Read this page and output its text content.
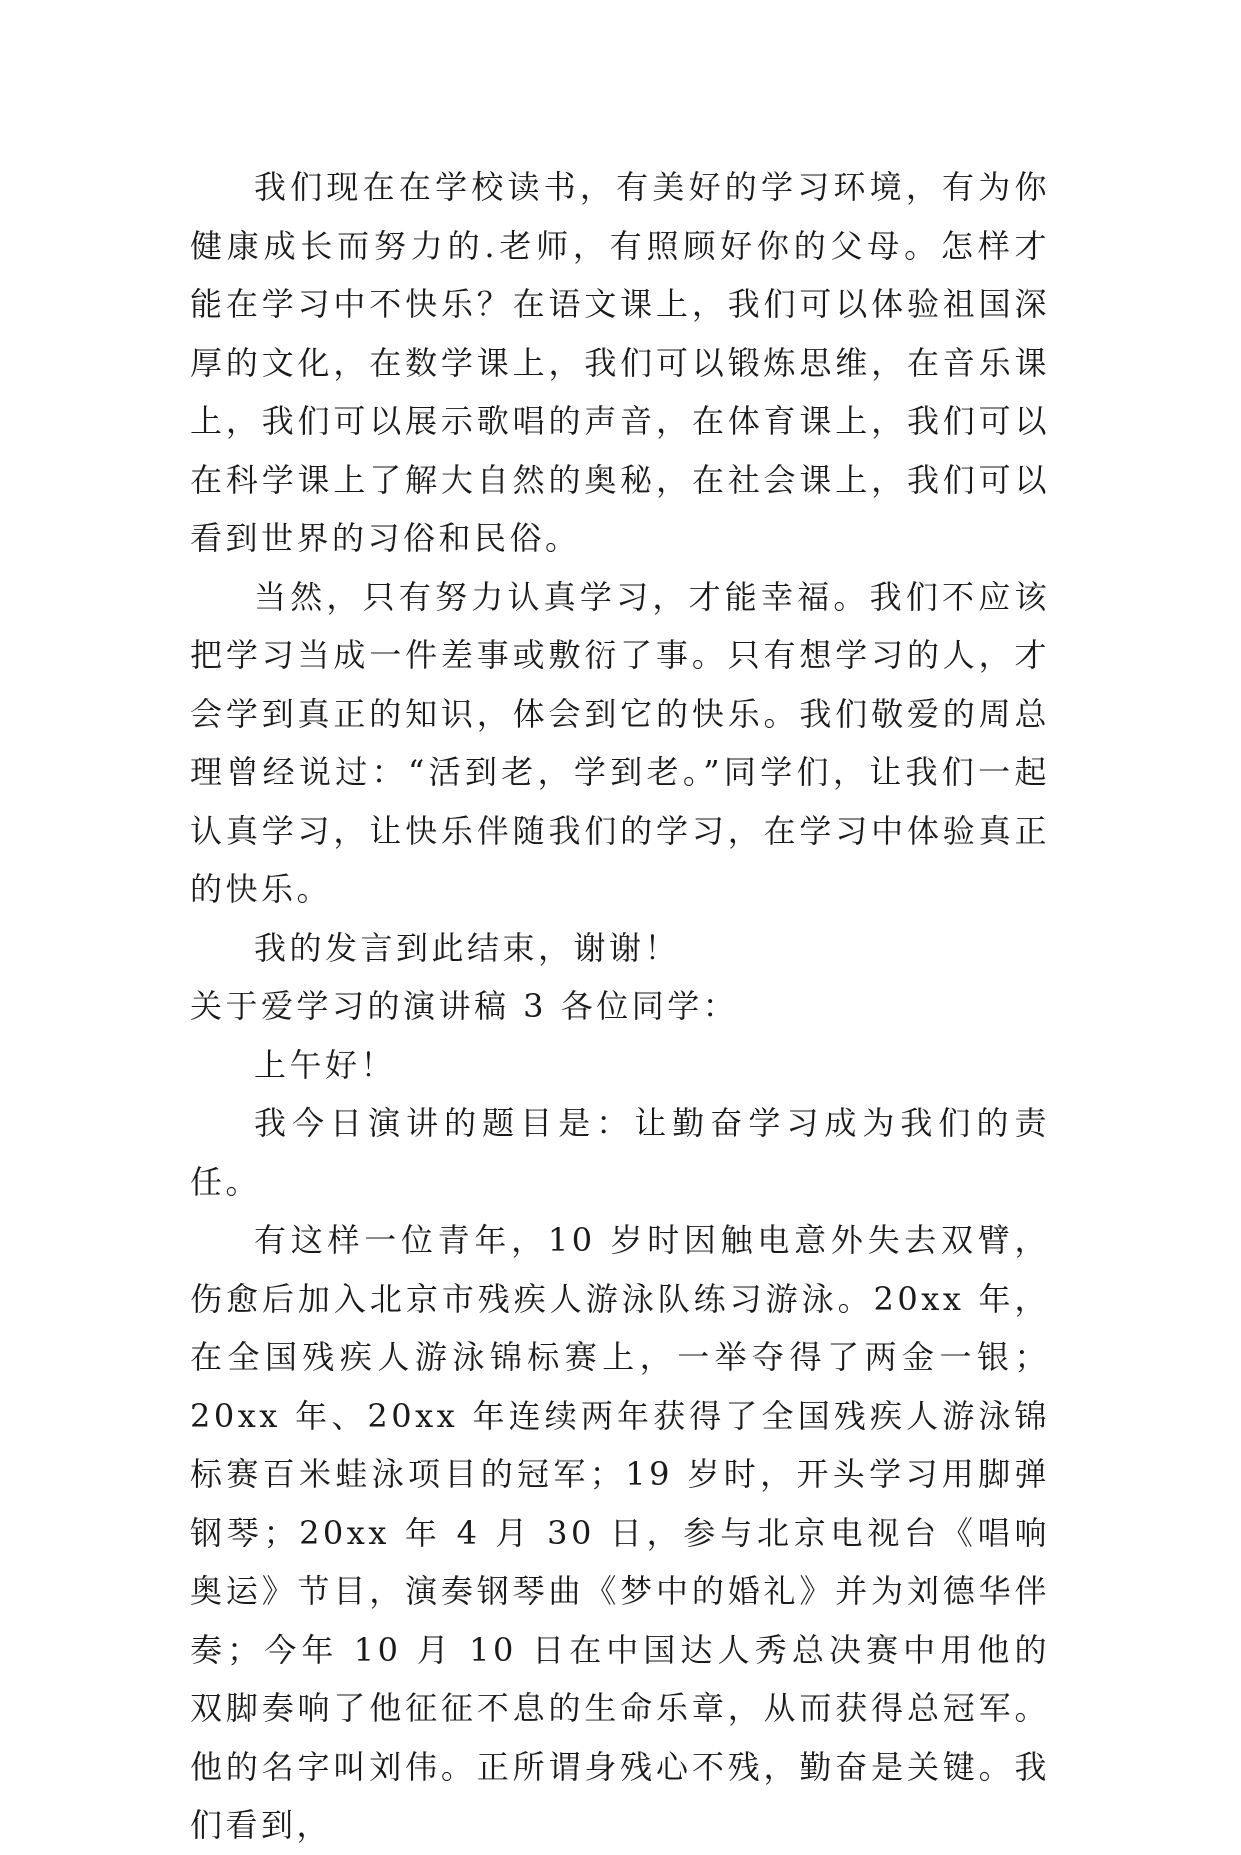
我们现在在学校读书，有美好的学习环境，有为你健康成长而努力的.老师，有照顾好你的父母。怎样才能在学习中不快乐？在语文课上，我们可以体验祖国深厚的文化，在数学课上，我们可以锻炼思维，在音乐课上，我们可以展示歌唱的声音，在体育课上，我们可以在科学课上了解大自然的奥秘，在社会课上，我们可以看到世界的习俗和民俗。

当然，只有努力认真学习，才能幸福。我们不应该把学习当成一件差事或敷衍了事。只有想学习的人，才会学到真正的知识，体会到它的快乐。我们敬爱的周总理曾经说过：“活到老，学到老。”同学们，让我们一起认真学习，让快乐伴随我们的学习，在学习中体验真正的快乐。

我的发言到此结束，谢谢！

关于爱学习的演讲稿 3 各位同学：

上午好！

我今日演讲的题目是：让勤奋学习成为我们的责任。

有这样一位青年，10 岁时因触电意外失去双臂，伤愈后加入北京市残疾人游泳队练习游泳。20xx 年，在全国残疾人游泳锦标赛上，一举夺得了两金一银；20xx 年、20xx 年连续两年获得了全国残疾人游泳锦标赛百米蛙泳项目的冠军；19 岁时，开头学习用脚弹钢琴；20xx 年 4 月 30 日，参与北京电视台《唱响奥运》节目，演奏钢琴曲《梦中的婚礼》并为刘德华伴奏；今年 10 月 10 日在中国达人秀总决赛中用他的双脚奏响了他征征不息的生命乐章，从而获得总冠军。他的名字叫刘伟。正所谓身残心不残，勤奋是关键。我们看到，
